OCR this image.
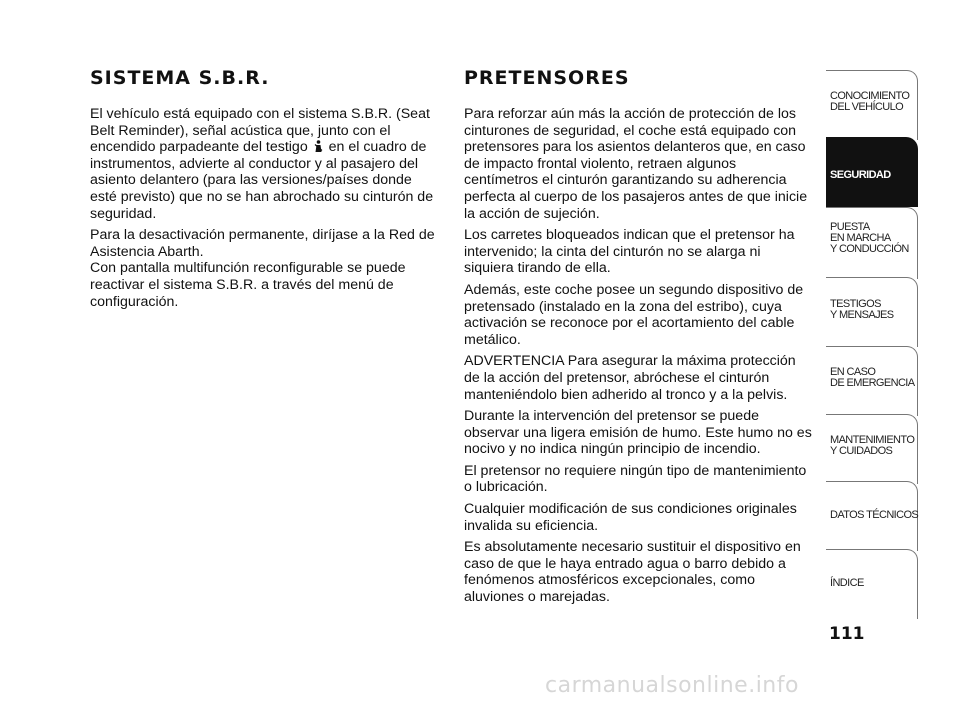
SISTEMA S.B.R.

El vehículo está equipado con el sistema S.B.R. (Seat Belt Reminder), señal acústica que, junto con el encendido parpadeante del testigo en el cuadro de instrumentos, advierte al conductor y al pasajero del asiento delantero (para las versiones/países donde esté previsto) que no se han abrochado su cinturón de seguridad.

Para la desactivación permanente, diríjase a la Red de Asistencia Abarth.

Con pantalla multifunción reconfigurable se puede reactivar el sistema S.B.R. a través del menú de configuración.

PRETENSORES

Para reforzar aún más la acción de protección de los cinturones de seguridad, el coche está equipado con pretensores para los asientos delanteros que, en caso de impacto frontal violento, retraen algunos centímetros el cinturón garantizando su adherencia perfecta al cuerpo de los pasajeros antes de que inicie la acción de sujeción.

Los carretes bloqueados indican que el pretensor ha intervenido; la cinta del cinturón no se alarga ni siquiera tirando de ella.

Además, este coche posee un segundo dispositivo de pretensado (instalado en la zona del estribo), cuya activación se reconoce por el acortamiento del cable metálico.

ADVERTENCIA Para asegurar la máxima protección de la acción del pretensor, abróchese el cinturón manteniéndolo bien adherido al tronco y a la pelvis.

Durante la intervención del pretensor se puede observar una ligera emisión de humo. Este humo no es nocivo y no indica ningún principio de incendio.

El pretensor no requiere ningún tipo de mantenimiento o lubricación.

Cualquier modificación de sus condiciones originales invalida su eficiencia.

Es absolutamente necesario sustituir el dispositivo en caso de que le haya entrado agua o barro debido a fenómenos atmosféricos excepcionales, como aluviones o marejadas.

CONOCIMIENTO
DEL VEHÍCULO
SEGURIDAD
PUESTA
EN MARCHA
Y CONDUCCIÓN
TESTIGOS
Y MENSAJES
EN CASO
DE EMERGENCIA
MANTENIMIENTO
Y CUIDADOS
DATOS TÉCNICOS
ÍNDICE
111
carmanualsonline.info
